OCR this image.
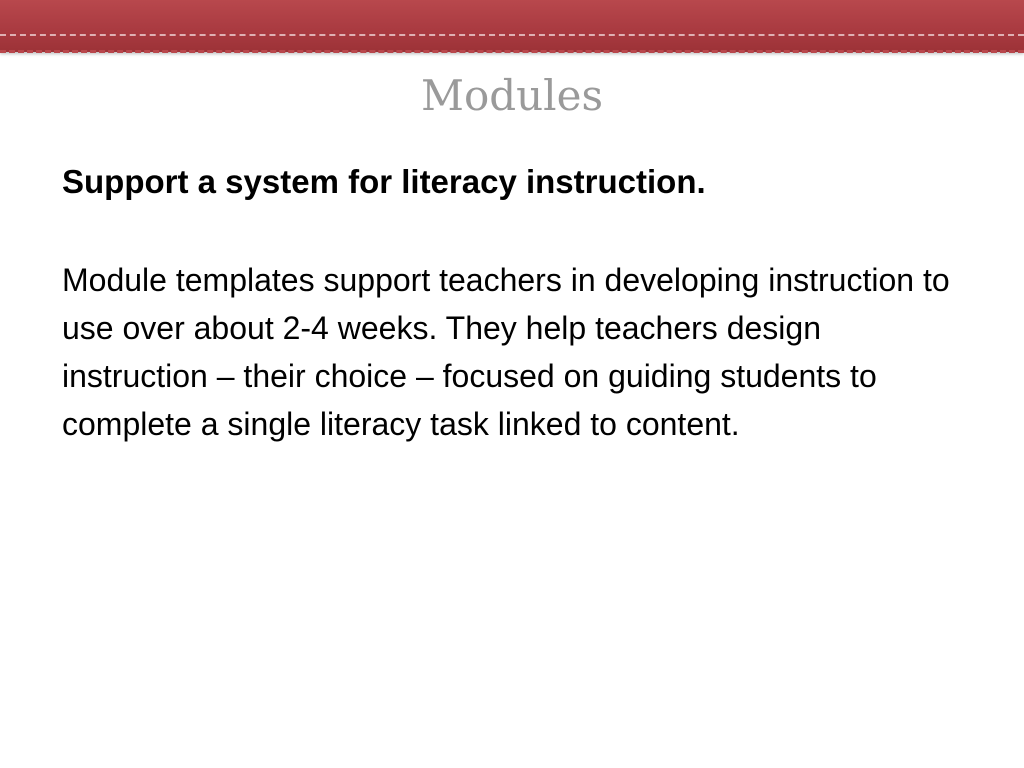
Modules

Support a system for literacy instruction.

Module templates support teachers in developing instruction to use over about 2-4 weeks. They help teachers design instruction – their choice – focused on guiding students to complete a single literacy task linked to content.
